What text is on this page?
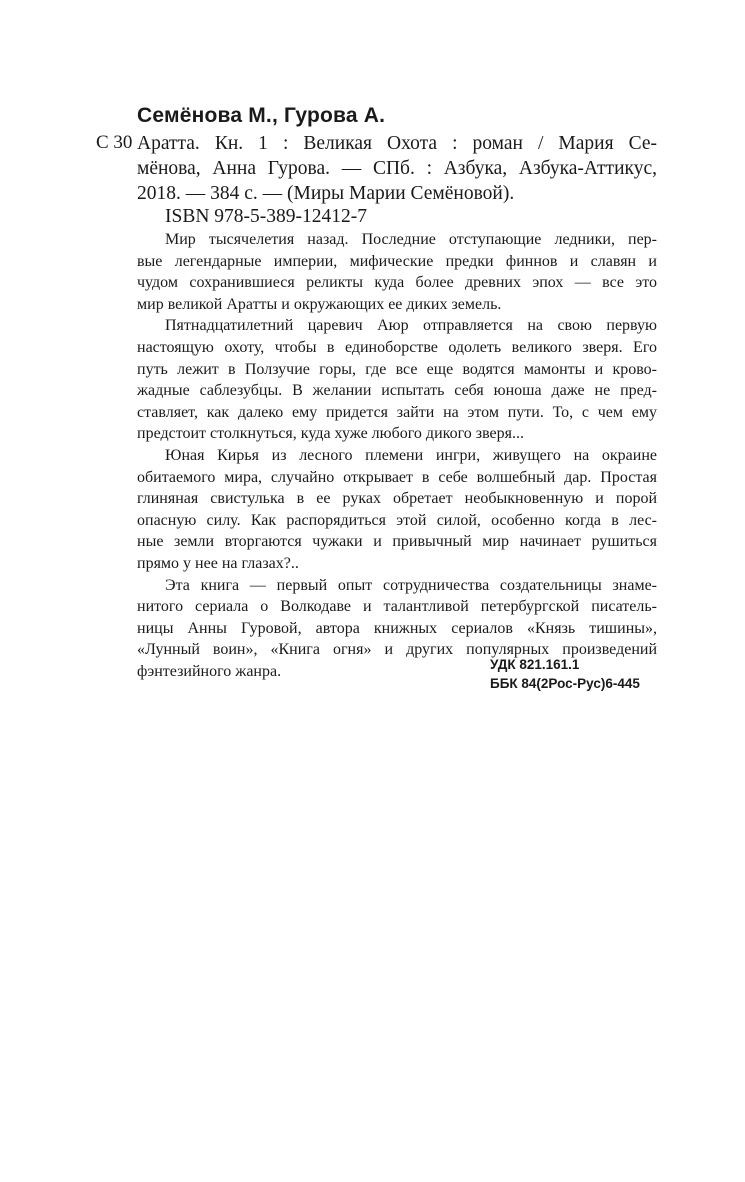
Семёнова М., Гурова А.
С 30 Аратта. Кн. 1 : Великая Охота : роман / Мария Се-
мёнова, Анна Гурова. — СПб. : Азбука, Азбука-Аттикус,
2018. — 384 с. — (Миры Марии Семёновой).
ISBN 978-5-389-12412-7
Мир тысячелетия назад. Последние отступающие ледники, пер-
вые легендарные империи, мифические предки финнов и славян и
чудом сохранившиеся реликты куда более древних эпох — все это
мир великой Аратты и окружающих ее диких земель.
Пятнадцатилетний царевич Аюр отправляется на свою первую
настоящую охоту, чтобы в единоборстве одолеть великого зверя. Его
путь лежит в Ползучие горы, где все еще водятся мамонты и крово-
жадные саблезубцы. В желании испытать себя юноша даже не пред-
ставляет, как далеко ему придется зайти на этом пути. То, с чем ему
предстоит столкнуться, куда хуже любого дикого зверя...
Юная Кирья из лесного племени ингри, живущего на окраине
обитаемого мира, случайно открывает в себе волшебный дар. Простая
глиняная свистулька в ее руках обретает необыкновенную и порой
опасную силу. Как распорядиться этой силой, особенно когда в лес-
ные земли вторгаются чужаки и привычный мир начинает рушиться
прямо у нее на глазах?..
Эта книга — первый опыт сотрудничества создательницы знаме-
нитого сериала о Волкодаве и талантливой петербургской писатель-
ницы Анны Гуровой, автора книжных сериалов «Князь тишины»,
«Лунный воин», «Книга огня» и других популярных произведений
фэнтезийного жанра.	УДК 821.161.1
ББК 84(2Рос-Рус)6-445
